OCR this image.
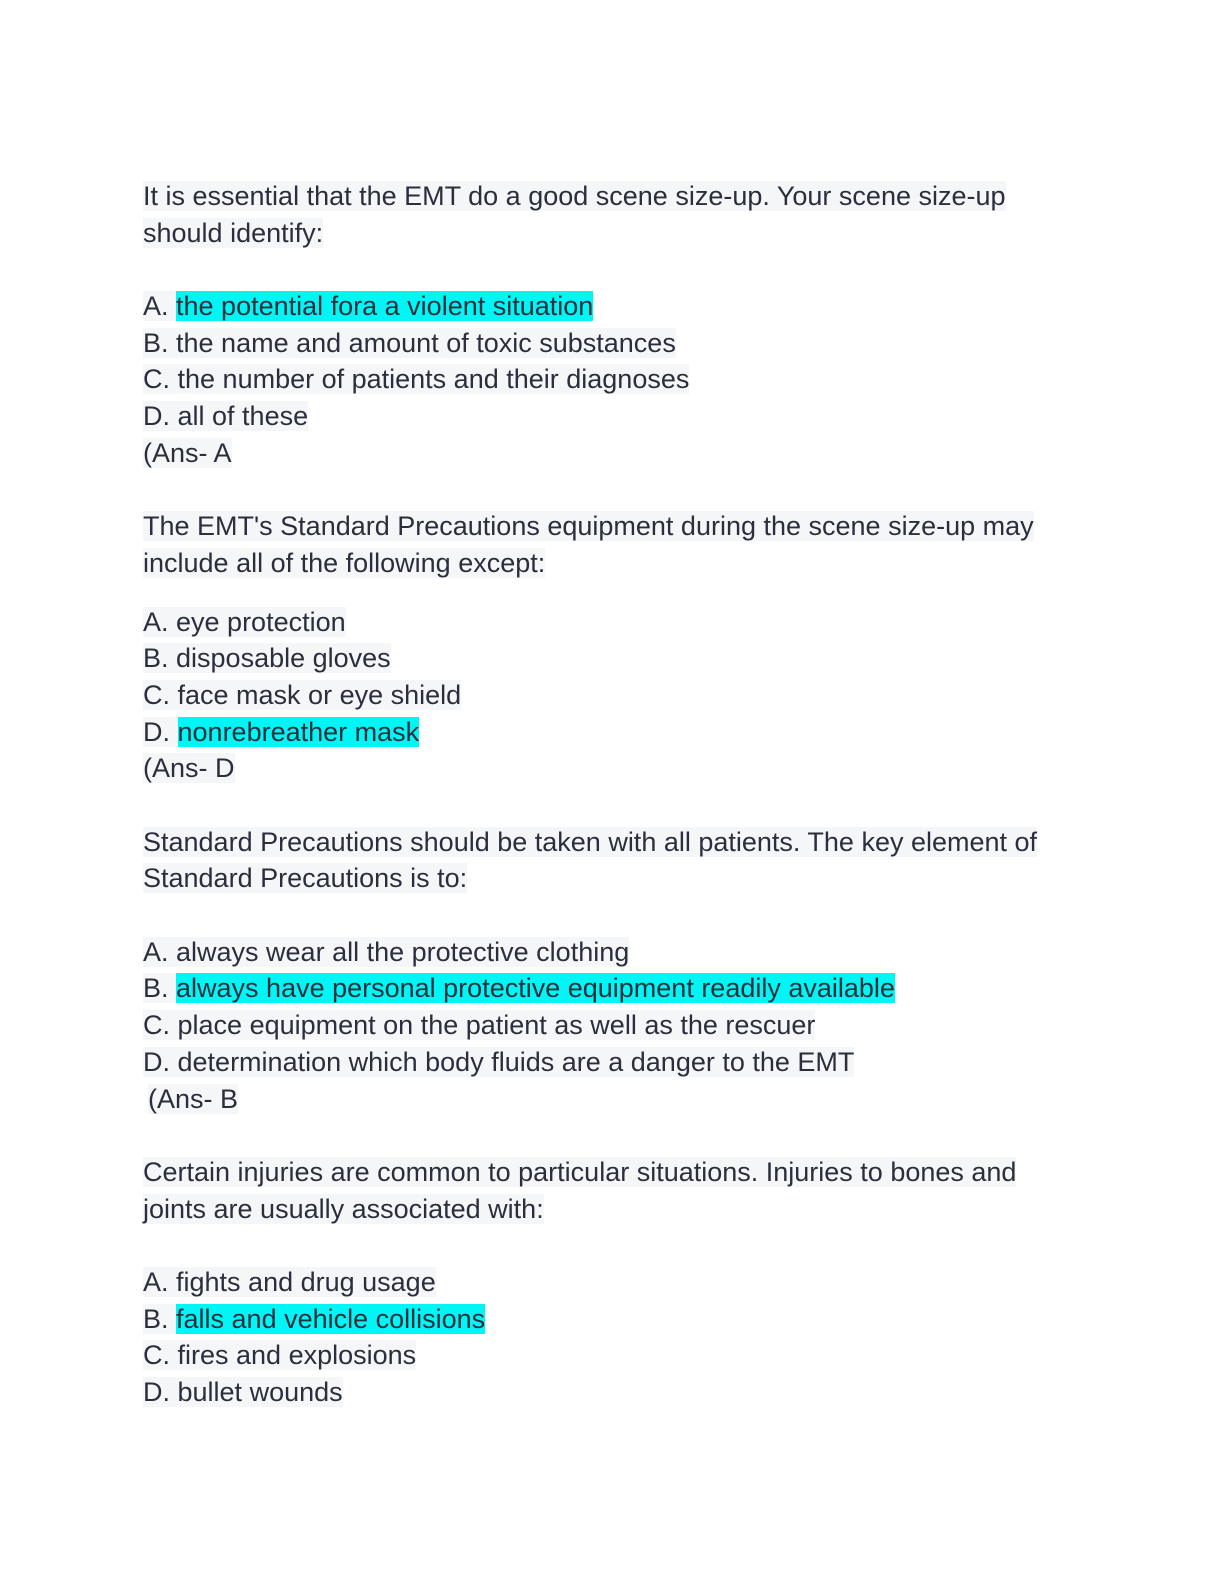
It is essential that the EMT do a good scene size-up. Your scene size-up
should identify:
A. the potential fora a violent situation
B. the name and amount of toxic substances
C. the number of patients and their diagnoses
D. all of these
(Ans- A
The EMT's Standard Precautions equipment during the scene size-up may
include all of the following except:
A. eye protection
B. disposable gloves
C. face mask or eye shield
D. nonrebreather mask
(Ans- D
Standard Precautions should be taken with all patients. The key element of
Standard Precautions is to:
A. always wear all the protective clothing
B. always have personal protective equipment readily available
C. place equipment on the patient as well as the rescuer
D. determination which body fluids are a danger to the EMT
(Ans- B
Certain injuries are common to particular situations. Injuries to bones and
joints are usually associated with:
A. fights and drug usage
B. falls and vehicle collisions
C. fires and explosions
D. bullet wounds
